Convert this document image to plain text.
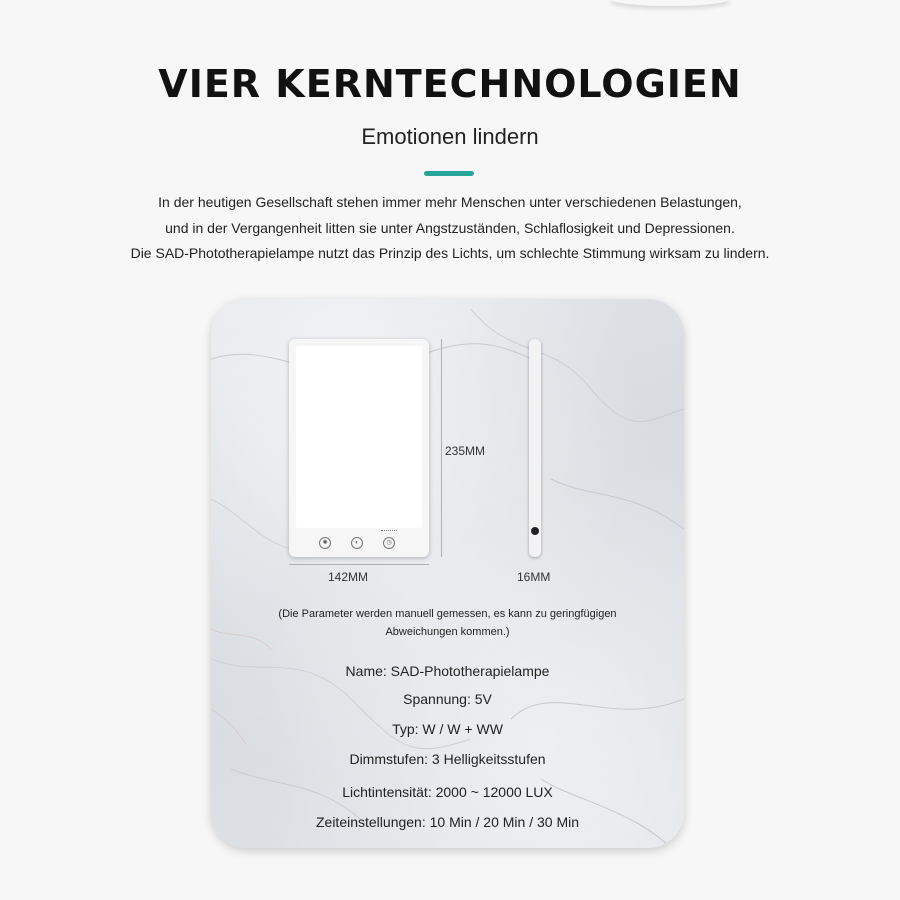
VIER KERNTECHNOLOGIEN
Emotionen lindern
In der heutigen Gesellschaft stehen immer mehr Menschen unter verschiedenen Belastungen,
und in der Vergangenheit litten sie unter Angstzuständen, Schlaflosigkeit und Depressionen.
Die SAD-Phototherapielampe nutzt das Prinzip des Lichts, um schlechte Stimmung wirksam zu lindern.
✺	◐	◷
235MM
142MM	16MM
(Die Parameter werden manuell gemessen, es kann zu geringfügigen
Abweichungen kommen.)
Name: SAD-Phototherapielampe
Spannung: 5V
Typ: W / W + WW
Dimmstufen: 3 Helligkeitsstufen
Lichtintensität: 2000 ~ 12000 LUX
Zeiteinstellungen: 10 Min / 20 Min / 30 Min
